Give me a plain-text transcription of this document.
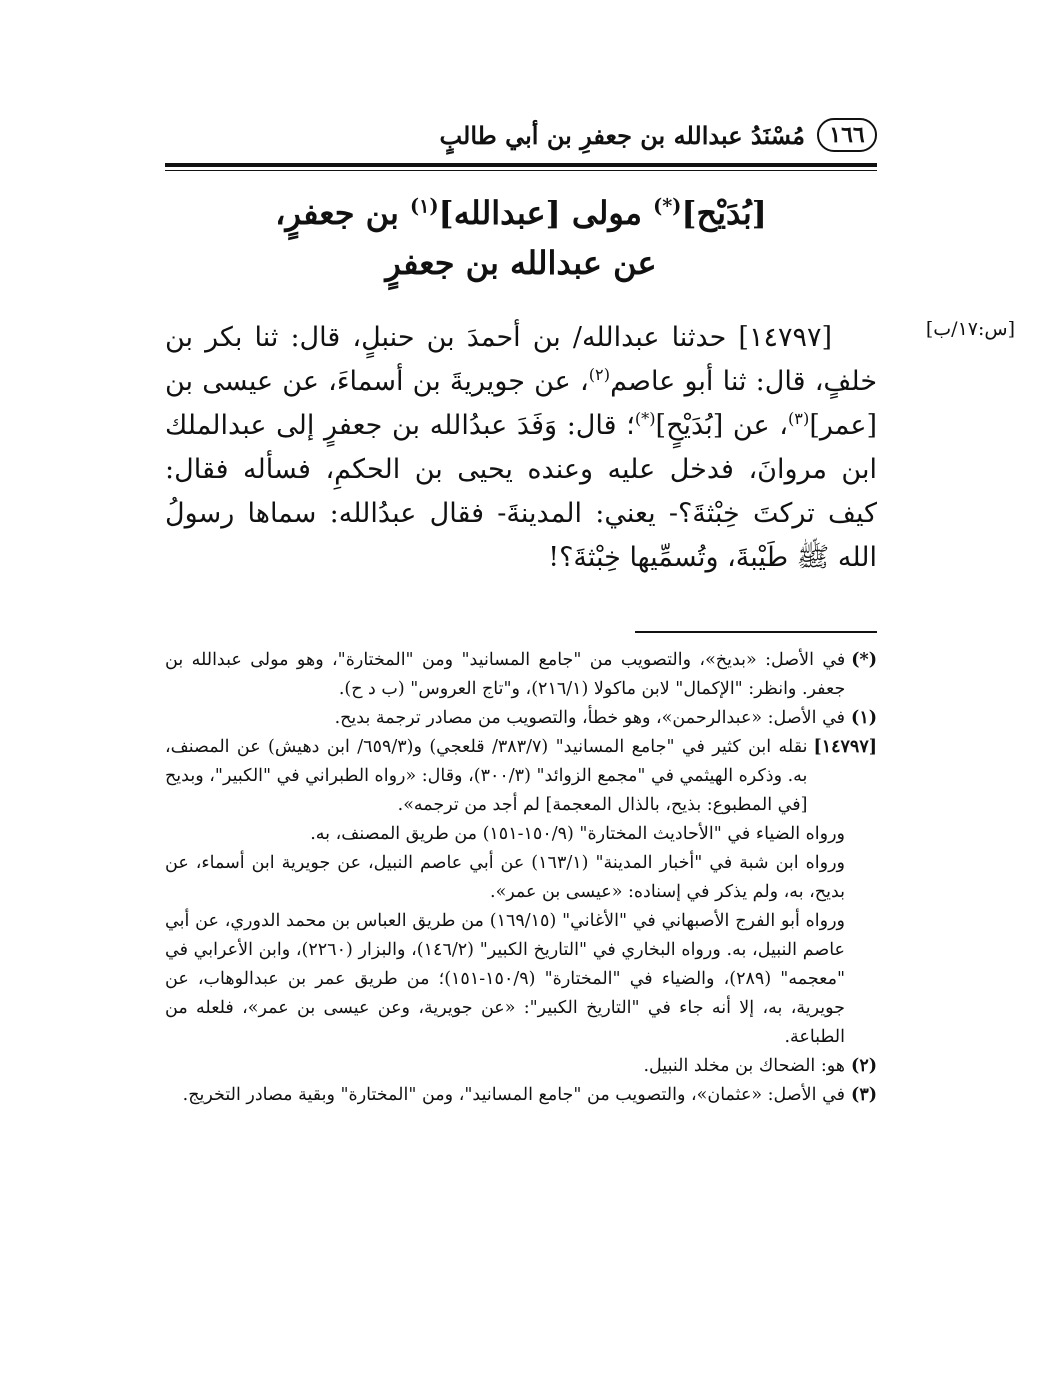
١٦٦
مُسْنَدُ عبدالله بن جعفرِ بن أبي طالبٍ
[بُدَيْح](*) مولى [عبدالله]$^{(١)}$ بن جعفرٍ،
عن عبدالله بن جعفرٍ
[س:١٧/ب]

[١٤٧٩٧] حدثنا عبدالله/ بن أحمدَ بن حنبلٍ، قال: ثنا بكر بن خلفٍ، قال: ثنا أبو عاصم$^{(٢)}$، عن جويريةَ بن أسماءَ، عن عيسى بن [عمر]$^{(٣)}$، عن [بُدَيْحٍ](*)؛ قال: وَفَدَ عبدُالله بن جعفرٍ إلى عبدالملك ابن مروانَ، فدخل عليه وعنده يحيى بن الحكمِ، فسأله فقال: كيف تركتَ خِبْثةَ؟- يعني: المدينةَ- فقال عبدُالله: سماها رسولُ الله ﷺ طَيْبةَ، وتُسمِّيها خِبْثةَ؟!

(*)
في الأصل: «بديخ»، والتصويب من "جامع المسانيد" ومن "المختارة"، وهو مولى عبدالله بن جعفر. وانظر: "الإكمال" لابن ماكولا (٢١٦/١)، و"تاج العروس" (ب د ح).
(١)
في الأصل: «عبدالرحمن»، وهو خطأ، والتصويب من مصادر ترجمة بديح.
[١٤٧٩٧]

نقله ابن كثير في "جامع المسانيد" (٣٨٣/٧/ قلعجي) و(٦٥٩/٣/ ابن دهيش) عن المصنف، به. وذكره الهيثمي في "مجمع الزوائد" (٣٠٠/٣)، وقال: «رواه الطبراني في "الكبير"، وبديح [في المطبوع: بذيح، بالذال المعجمة] لم أجد من ترجمه».

ورواه الضياء في "الأحاديث المختارة" (١٥٠/٩-١٥١) من طريق المصنف، به.

ورواه ابن شبة في "أخبار المدينة" (١٦٣/١) عن أبي عاصم النبيل، عن جويرية ابن أسماء، عن بديح، به، ولم يذكر في إسناده: «عيسى بن عمر».

ورواه أبو الفرج الأصبهاني في "الأغاني" (١٦٩/١٥) من طريق العباس بن محمد الدوري، عن أبي عاصم النبيل، به. ورواه البخاري في "التاريخ الكبير" (١٤٦/٢)، والبزار (٢٢٦٠)، وابن الأعرابي في "معجمه" (٢٨٩)، والضياء في "المختارة" (١٥٠/٩-١٥١)؛ من طريق عمر بن عبدالوهاب، عن جويرية، به، إلا أنه جاء في "التاريخ الكبير": «عن جويرية، وعن عيسى بن عمر»، فلعله من الطباعة.

(٢)
هو: الضحاك بن مخلد النبيل.
(٣)
في الأصل: «عثمان»، والتصويب من "جامع المسانيد"، ومن "المختارة" وبقية مصادر التخريج.
